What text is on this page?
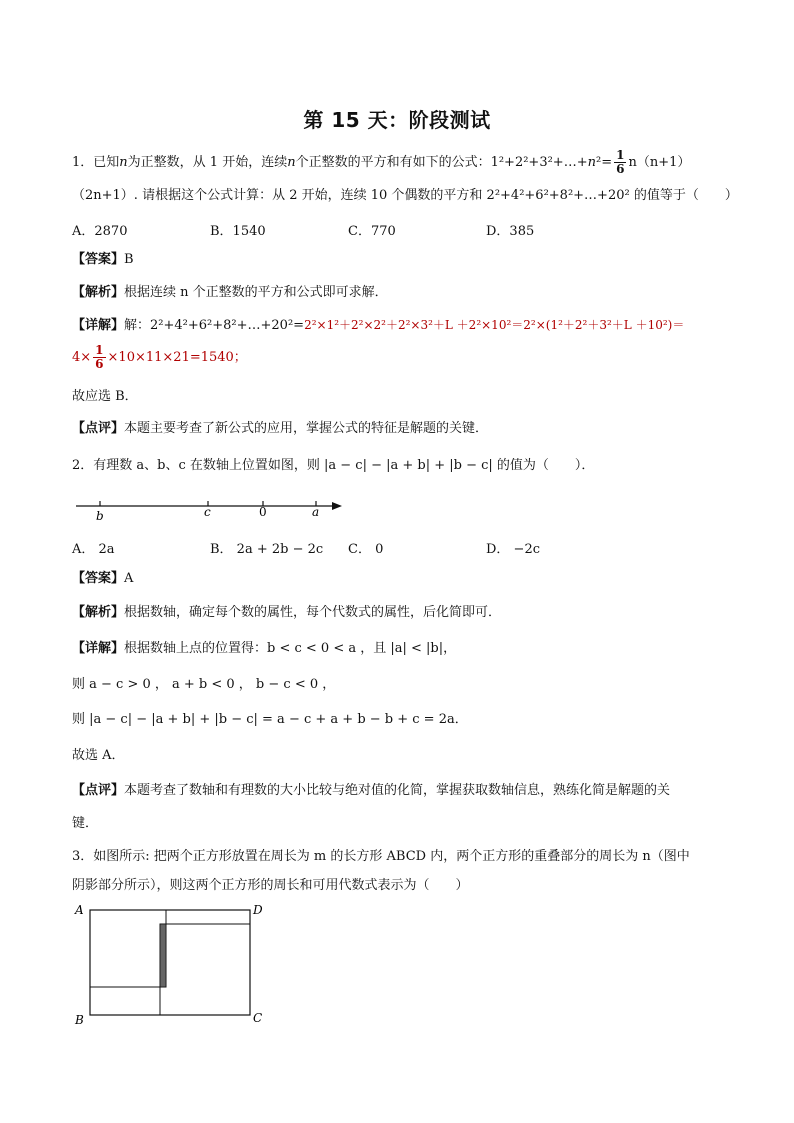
第 15 天：阶段测试
1．已知n为正整数，从 1 开始，连续n个正整数的平方和有如下的公式：1²+2²+3²+…+n²= $\frac{1}{6} n(n+1)$
（2n+1）. 请根据这个公式计算：从 2 开始，连续 10 个偶数的平方和 2²+4²+6²+8²+…+20² 的值等于（　　）
A．2870	B．1540	C．770	D．385
【答案】B
【解析】根据连续 n 个正整数的平方和公式即可求解．
【详解】解：2²+4²+6²+8²+…+20²=2²×1²＋2²×2²＋2²×3²＋L ＋2²×10²＝2²×(1²＋2²＋3²＋L ＋10²)＝
$4\times \frac{1}{6} \times 10\times 11\times 21=1540$；
故应选 B．
【点评】本题主要考查了新公式的应用，掌握公式的特征是解题的关键．
2．有理数 a、b、c 在数轴上位置如图，则 |a − c| − |a + b| + |b − c| 的值为（　　）．
b	c	0	a
A． 2a	B． 2a + 2b − 2c C． 0	D． −2c
【答案】A
【解析】根据数轴，确定每个数的属性，每个代数式的属性，后化简即可．
【详解】根据数轴上点的位置得：b < c < 0 < a ，且 |a| < |b|，
则 a − c > 0 ， a + b < 0 ， b − c < 0 ，
则 |a − c| − |a + b| + |b − c| = a − c + a + b − b + c = 2a．
故选 A．
【点评】本题考查了数轴和有理数的大小比较与绝对值的化简，掌握获取数轴信息，熟练化简是解题的关
键．
3．如图所示: 把两个正方形放置在周长为 m 的长方形 ABCD 内，两个正方形的重叠部分的周长为 n（图中
阴影部分所示），则这两个正方形的周长和可用代数式表示为（　　）
A	D
B	C
